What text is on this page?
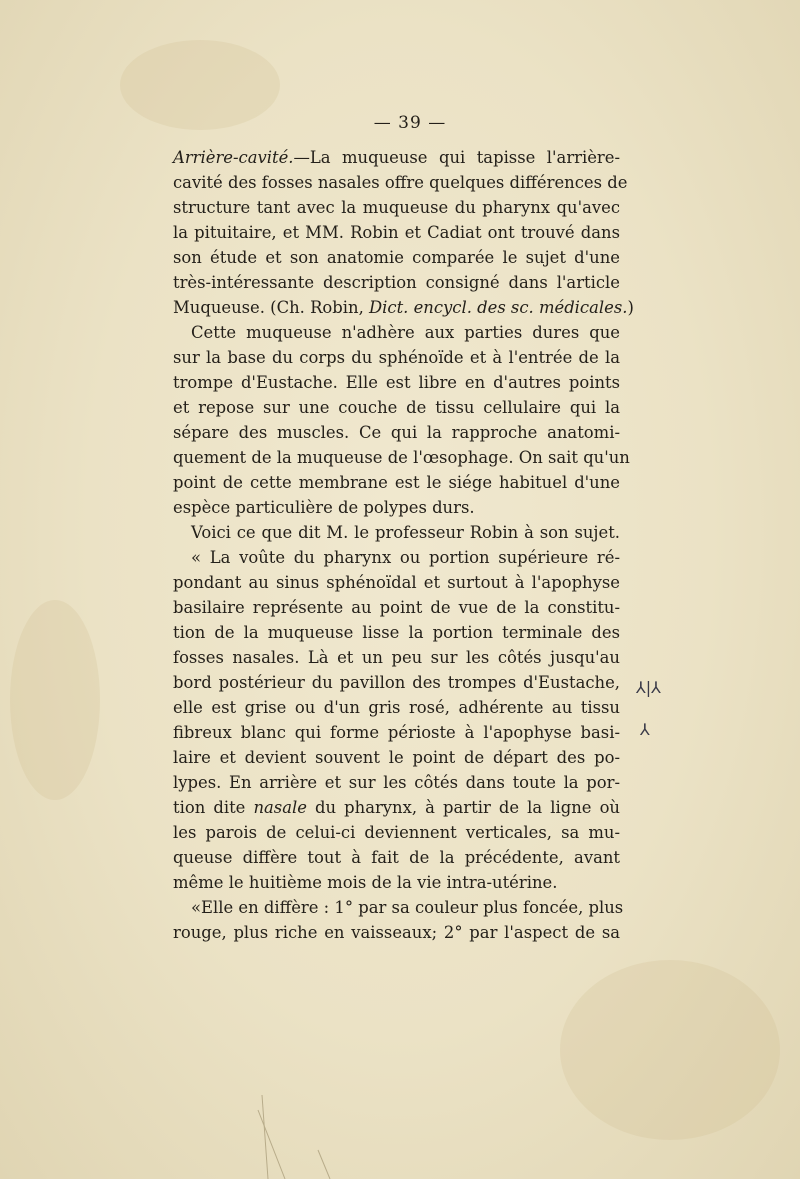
— 39 —
Arrière-cavité.—La muqueuse qui tapisse l'arrière-
cavité des fosses nasales offre quelques différences de
structure tant avec la muqueuse du pharynx qu'avec
la pituitaire, et MM. Robin et Cadiat ont trouvé dans
son étude et son anatomie comparée le sujet d'une
très-intéressante description consigné dans l'article
Muqueuse. (Ch. Robin, Dict. encycl. des sc. médicales.)
Cette muqueuse n'adhère aux parties dures que
sur la base du corps du sphénoïde et à l'entrée de la
trompe d'Eustache. Elle est libre en d'autres points
et repose sur une couche de tissu cellulaire qui la
sépare des muscles. Ce qui la rapproche anatomi-
quement de la muqueuse de l'œsophage. On sait qu'un
point de cette membrane est le siége habituel d'une
espèce particulière de polypes durs.
Voici ce que dit M. le professeur Robin à son sujet.
« La voûte du pharynx ou portion supérieure ré-
pondant au sinus sphénoïdal et surtout à l'apophyse
basilaire représente au point de vue de la constitu-
tion de la muqueuse lisse la portion terminale des
fosses nasales. Là et un peu sur les côtés jusqu'au
bord postérieur du pavillon des trompes d'Eustache,
elle est grise ou d'un gris rosé, adhérente au tissu
fibreux blanc qui forme périoste à l'apophyse basi-
laire et devient souvent le point de départ des po-
lypes. En arrière et sur les côtés dans toute la por-
tion dite nasale du pharynx, à partir de la ligne où
les parois de celui-ci deviennent verticales, sa mu-
queuse diffère tout à fait de la précédente, avant
même le huitième mois de la vie intra-utérine.
«Elle en diffère : 1° par sa couleur plus foncée, plus
rouge, plus riche en vaisseaux; 2° par l'aspect de sa
⅄|⅄
⅄
